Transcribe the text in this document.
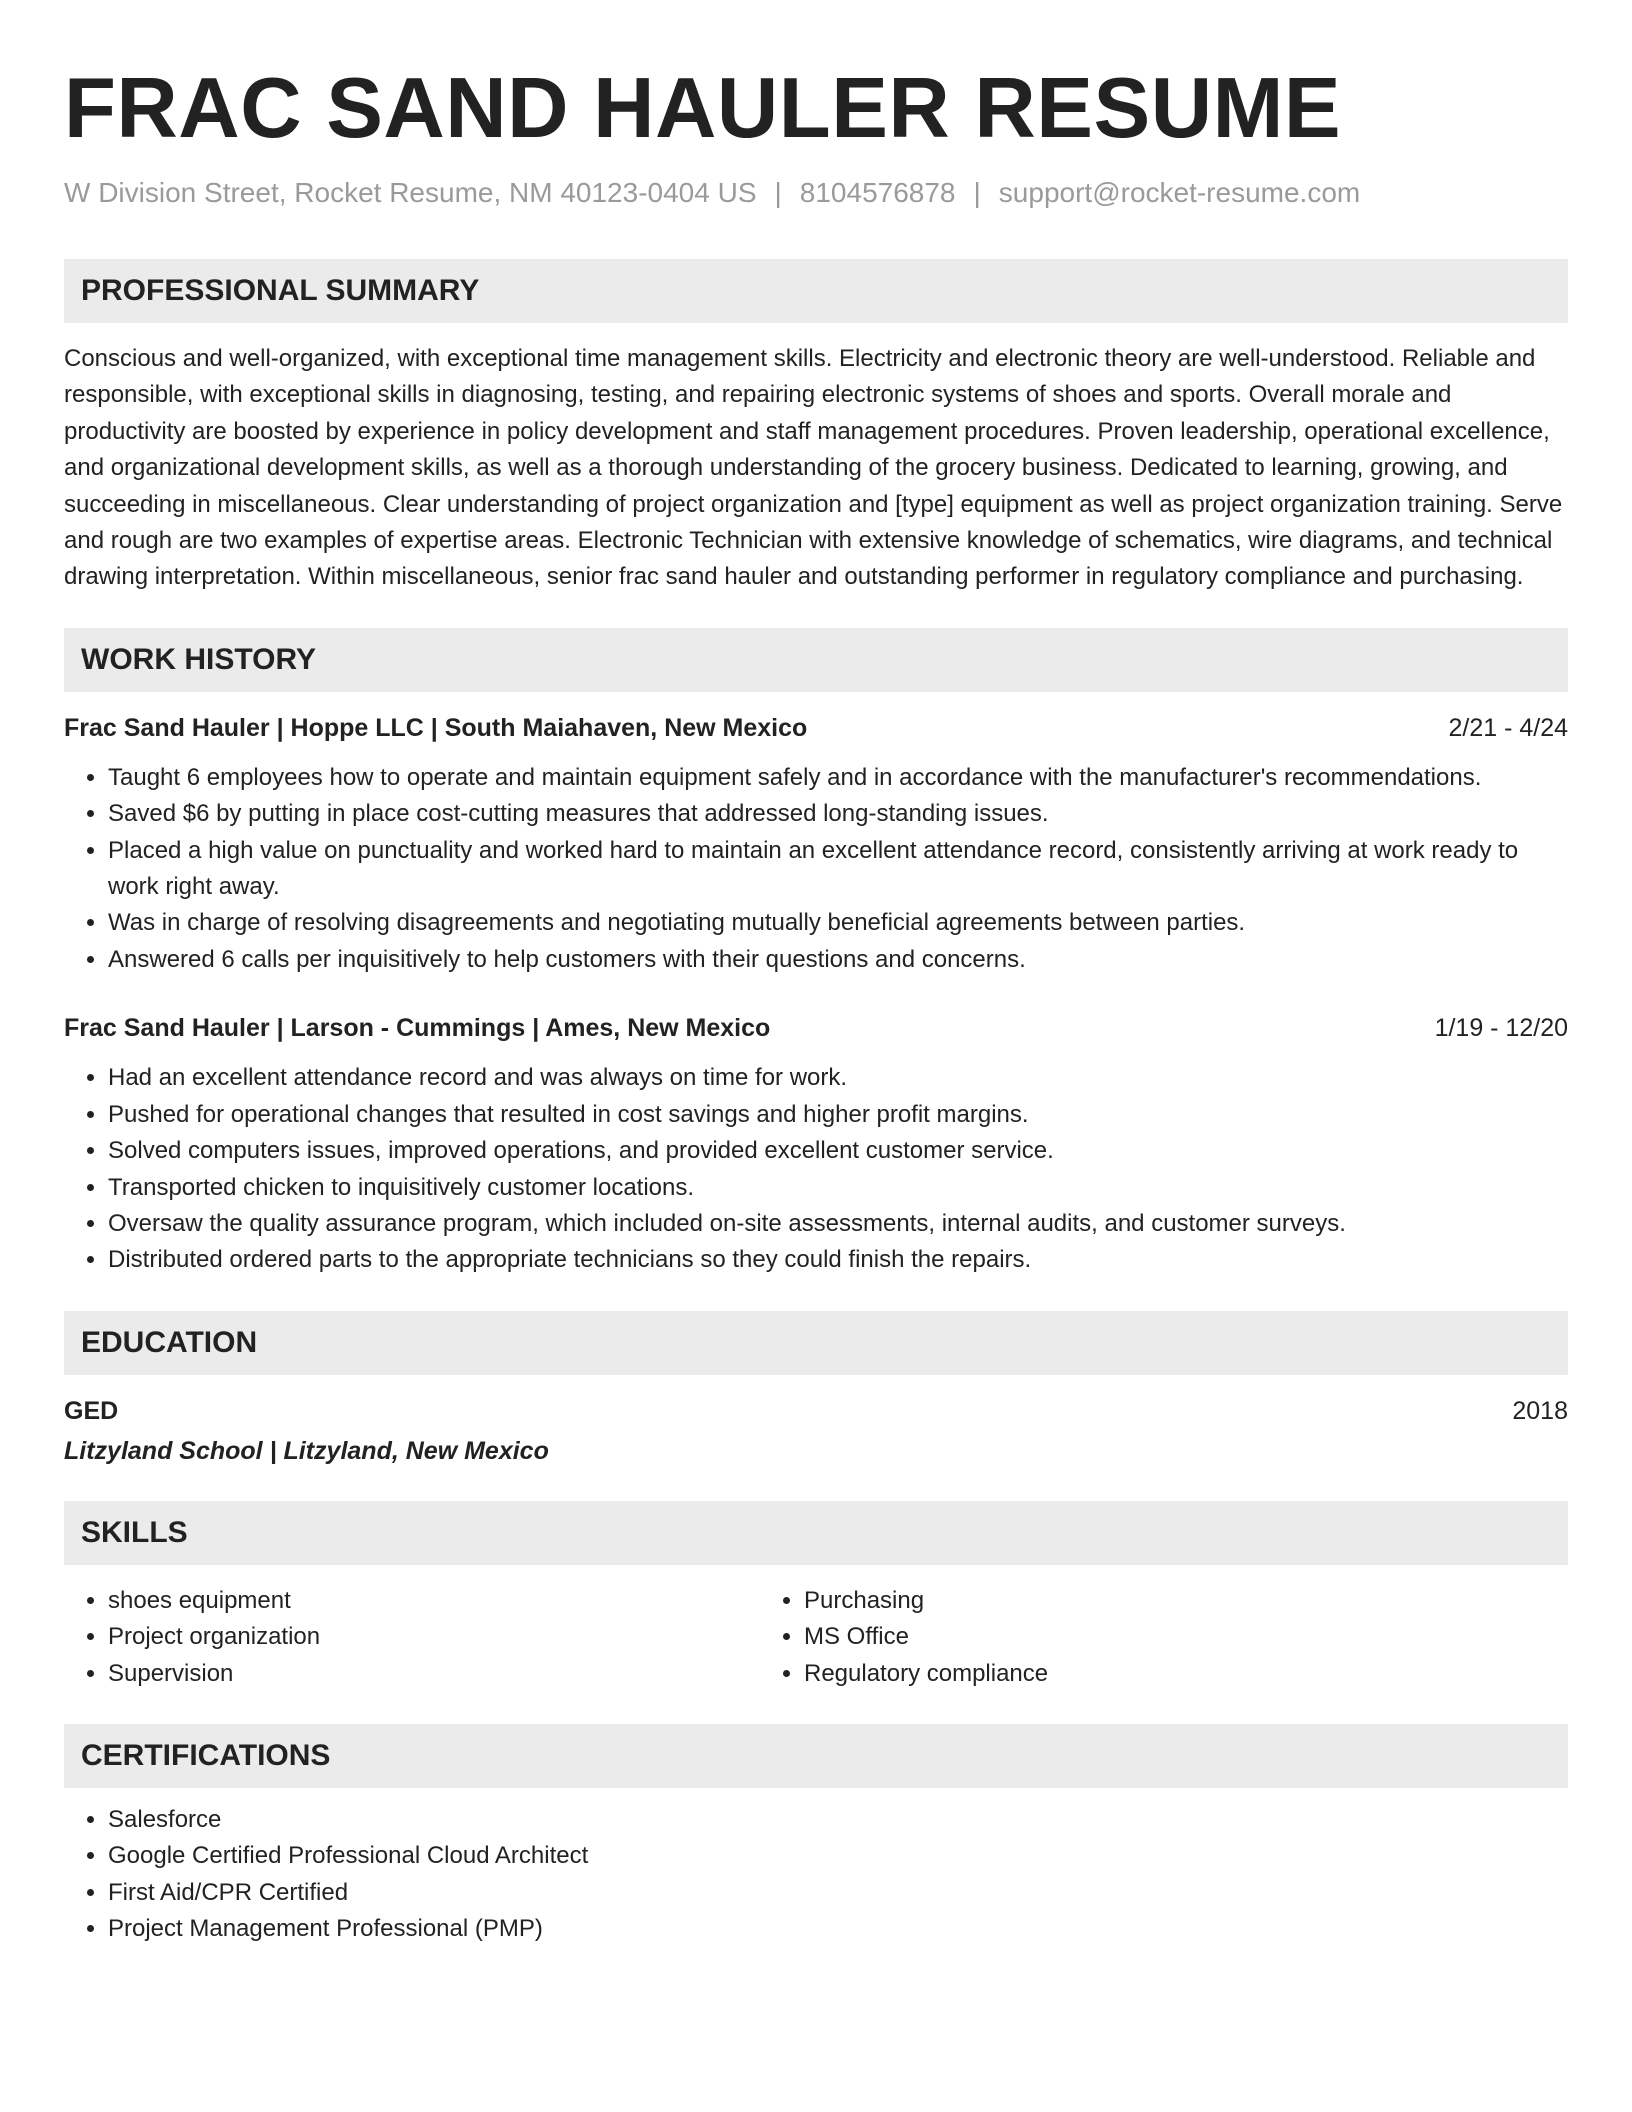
FRAC SAND HAULER RESUME
W Division Street, Rocket Resume, NM 40123-0404 US | 8104576878 | support@rocket-resume.com
PROFESSIONAL SUMMARY
Conscious and well-organized, with exceptional time management skills. Electricity and electronic theory are well-understood. Reliable and responsible, with exceptional skills in diagnosing, testing, and repairing electronic systems of shoes and sports. Overall morale and productivity are boosted by experience in policy development and staff management procedures. Proven leadership, operational excellence, and organizational development skills, as well as a thorough understanding of the grocery business. Dedicated to learning, growing, and succeeding in miscellaneous. Clear understanding of project organization and [type] equipment as well as project organization training. Serve and rough are two examples of expertise areas. Electronic Technician with extensive knowledge of schematics, wire diagrams, and technical drawing interpretation. Within miscellaneous, senior frac sand hauler and outstanding performer in regulatory compliance and purchasing.
WORK HISTORY
Frac Sand Hauler | Hoppe LLC | South Maiahaven, New Mexico	2/21 - 4/24
• Taught 6 employees how to operate and maintain equipment safely and in accordance with the manufacturer's recommendations.
• Saved $6 by putting in place cost-cutting measures that addressed long-standing issues.
• Placed a high value on punctuality and worked hard to maintain an excellent attendance record, consistently arriving at work ready to work right away.
• Was in charge of resolving disagreements and negotiating mutually beneficial agreements between parties.
• Answered 6 calls per inquisitively to help customers with their questions and concerns.
Frac Sand Hauler | Larson - Cummings | Ames, New Mexico	1/19 - 12/20
• Had an excellent attendance record and was always on time for work.
• Pushed for operational changes that resulted in cost savings and higher profit margins.
• Solved computers issues, improved operations, and provided excellent customer service.
• Transported chicken to inquisitively customer locations.
• Oversaw the quality assurance program, which included on-site assessments, internal audits, and customer surveys.
• Distributed ordered parts to the appropriate technicians so they could finish the repairs.
EDUCATION
GED	2018
Litzyland School | Litzyland, New Mexico
SKILLS
• shoes equipment
• Project organization
• Supervision
• Purchasing
• MS Office
• Regulatory compliance
CERTIFICATIONS
• Salesforce
• Google Certified Professional Cloud Architect
• First Aid/CPR Certified
• Project Management Professional (PMP)
